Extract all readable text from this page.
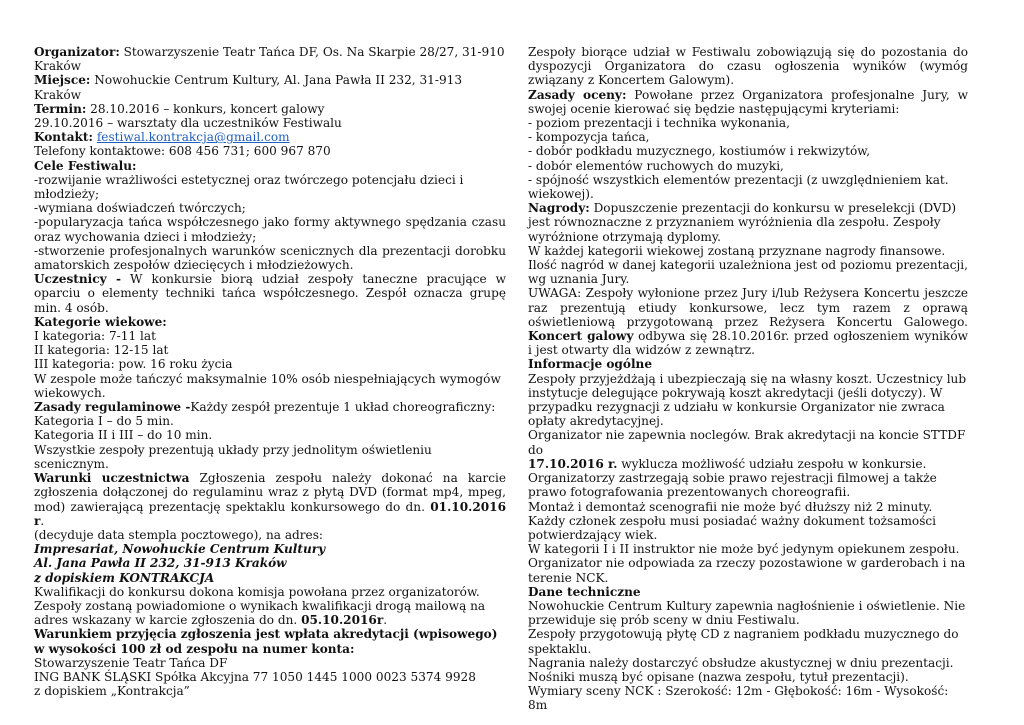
Organizator: Stowarzyszenie Teatr Tańca DF, Os. Na Skarpie 28/27, 31-910

Kraków

Miejsce: Nowohuckie Centrum Kultury, Al. Jana Pawła II 232, 31-913 Kraków

Termin: 28.10.2016 – konkurs, koncert galowy

29.10.2016 – warsztaty dla uczestników Festiwalu

Kontakt: festiwal.kontrakcja@gmail.com

Telefony kontaktowe: 608 456 731; 600 967 870

Cele Festiwalu:

-rozwijanie wrażliwości estetycznej oraz twórczego potencjału dzieci i młodzieży;

-wymiana doświadczeń twórczych;

-popularyzacja tańca współczesnego jako formy aktywnego spędzania czasu oraz wychowania dzieci i młodzieży;

-stworzenie profesjonalnych warunków scenicznych dla prezentacji dorobku amatorskich zespołów dziecięcych i młodzieżowych.

Uczestnicy - W konkursie biorą udział zespoły taneczne pracujące w oparciu o elementy techniki tańca współczesnego. Zespół oznacza grupę min. 4 osób.

Kategorie wiekowe:

I kategoria: 7-11 lat

II kategoria: 12-15 lat

III kategoria: pow. 16 roku życia

W zespole może tańczyć maksymalnie 10% osób niespełniających wymogów wiekowych.

Zasady regulaminowe -Każdy zespół prezentuje 1 układ choreograficzny:

Kategoria I – do 5 min.

Kategoria II i III – do 10 min.

Wszystkie zespoły prezentują układy przy jednolitym oświetleniu scenicznym.

Warunki uczestnictwa Zgłoszenia zespołu należy dokonać na karcie zgłoszenia dołączonej do regulaminu wraz z płytą DVD (format mp4, mpeg, mod) zawierającą prezentację spektaklu konkursowego do dn. 01.10.2016 r.

(decyduje data stempla pocztowego), na adres:

Impresariat, Nowohuckie Centrum Kultury

Al. Jana Pawła II 232, 31-913 Kraków

z dopiskiem KONTRAKCJA

Kwalifikacji do konkursu dokona komisja powołana przez organizatorów.

Zespoły zostaną powiadomione o wynikach kwalifikacji drogą mailową na adres wskazany w karcie zgłoszenia do dn. 05.10.2016r.

Warunkiem przyjęcia zgłoszenia jest wpłata akredytacji (wpisowego) w wysokości 100 zł od zespołu na numer konta:

Stowarzyszenie Teatr Tańca DF

ING BANK ŚLĄSKI Spółka Akcyjna 77 1050 1445 1000 0023 5374 9928

z dopiskiem „Kontrakcja”

Zespoły biorące udział w Festiwalu zobowiązują się do pozostania do dyspozycji Organizatora do czasu ogłoszenia wyników (wymóg związany z Koncertem Galowym).

Zasady oceny: Powołane przez Organizatora profesjonalne Jury, w swojej ocenie kierować się będzie następującymi kryteriami:

- poziom prezentacji i technika wykonania,

- kompozycja tańca,

- dobór podkładu muzycznego, kostiumów i rekwizytów,

- dobór elementów ruchowych do muzyki,

- spójność wszystkich elementów prezentacji (z uwzględnieniem kat. wiekowej).

Nagrody: Dopuszczenie prezentacji do konkursu w preselekcji (DVD) jest równoznaczne z przyznaniem wyróżnienia dla zespołu. Zespoły wyróżnione otrzymają dyplomy.

W każdej kategorii wiekowej zostaną przyznane nagrody finansowe. Ilość nagród w danej kategorii uzależniona jest od poziomu prezentacji, wg uznania Jury.

UWAGA: Zespoły wyłonione przez Jury i/lub Reżysera Koncertu jeszcze raz prezentują etiudy konkursowe, lecz tym razem z oprawą oświetleniową przygotowaną przez Reżysera Koncertu Galowego. Koncert galowy odbywa się 28.10.2016r. przed ogłoszeniem wyników i jest otwarty dla widzów z zewnątrz.

Informacje ogólne

Zespoły przyjeżdżają i ubezpieczają się na własny koszt. Uczestnicy lub instytucje delegujące pokrywają koszt akredytacji (jeśli dotyczy). W przypadku rezygnacji z udziału w konkursie Organizator nie zwraca opłaty akredytacyjnej.

Organizator nie zapewnia noclegów. Brak akredytacji na koncie STTDF do

17.10.2016 r. wyklucza możliwość udziału zespołu w konkursie.

Organizatorzy zastrzegają sobie prawo rejestracji filmowej a także prawo fotografowania prezentowanych choreografii.

Montaż i demontaż scenografii nie może być dłuższy niż 2 minuty.

Każdy członek zespołu musi posiadać ważny dokument tożsamości potwierdzający wiek.

W kategorii I i II instruktor nie może być jedynym opiekunem zespołu.

Organizator nie odpowiada za rzeczy pozostawione w garderobach i na terenie NCK.

Dane techniczne

Nowohuckie Centrum Kultury zapewnia nagłośnienie i oświetlenie. Nie przewiduje się prób sceny w dniu Festiwalu.

Zespoły przygotowują płytę CD z nagraniem podkładu muzycznego do spektaklu.

Nagrania należy dostarczyć obsłudze akustycznej w dniu prezentacji. Nośniki muszą być opisane (nazwa zespołu, tytuł prezentacji).

Wymiary sceny NCK : Szerokość: 12m - Głębokość: 16m - Wysokość: 8m
